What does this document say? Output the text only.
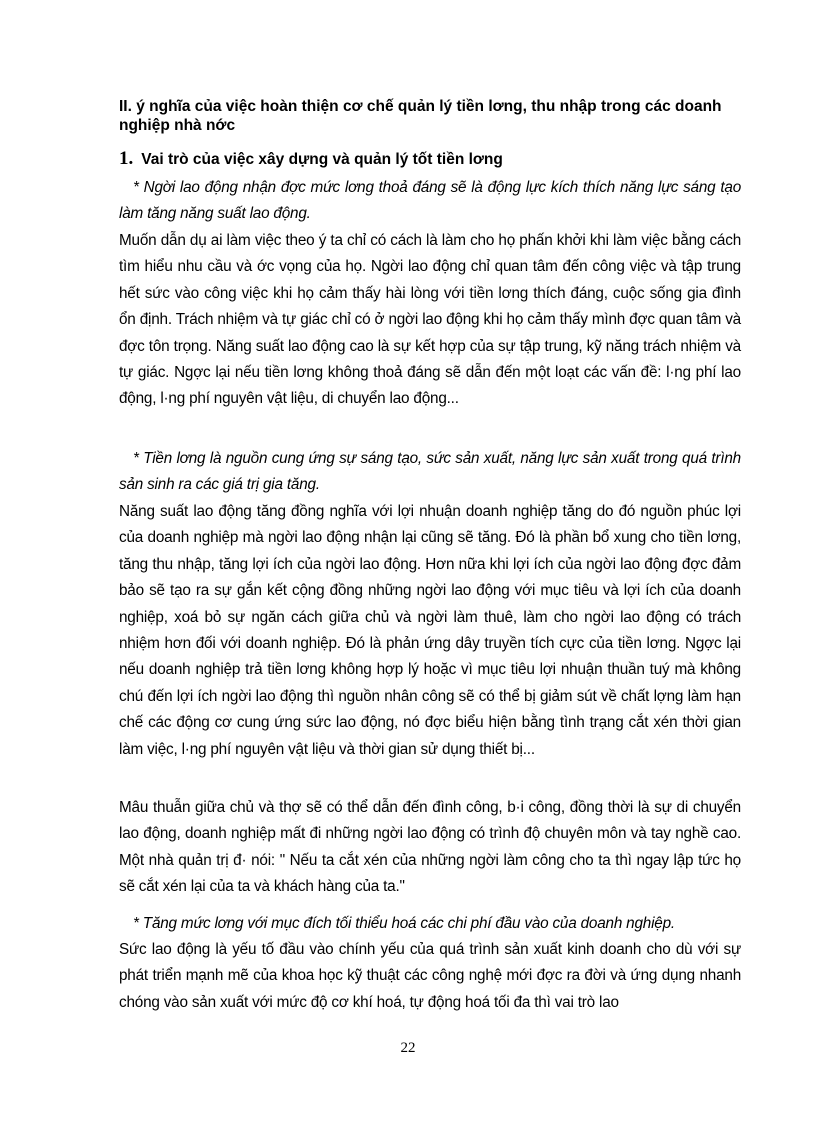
II. ý nghĩa của việc hoàn thiện cơ chế quản lý tiền lơng, thu nhập trong các doanh nghiệp nhà nớc

1. Vai trò của việc xây dựng và quản lý tốt tiền lơng

* Ngời lao động nhận đợc mức lơng thoả đáng sẽ là động lực kích thích năng lực sáng tạo làm tăng năng suất lao động.

Muốn dẫn dụ ai làm việc theo ý ta chỉ có cách là làm cho họ phấn khởi khi làm việc bằng cách tìm hiểu nhu cầu và ớc vọng của họ. Ngời lao động chỉ quan tâm đến công việc và tập trung hết sức vào công việc khi họ cảm thấy hài lòng với tiền lơng thích đáng, cuộc sống gia đình ổn định. Trách nhiệm và tự giác chỉ có ở ngời lao động khi họ cảm thấy mình đợc quan tâm và đợc tôn trọng. Năng suất lao động cao là sự kết hợp của sự tập trung, kỹ năng trách nhiệm và tự giác. Ngợc lại nếu tiền lơng không thoả đáng sẽ dẫn đến một loạt các vấn đề: l·ng phí lao động, l·ng phí nguyên vật liệu, di chuyển lao động...

* Tiền lơng là nguồn cung ứng sự sáng tạo, sức sản xuất, năng lực sản xuất trong quá trình sản sinh ra các giá trị gia tăng.

Năng suất lao động tăng đồng nghĩa với lợi nhuận doanh nghiệp tăng do đó nguồn phúc lợi của doanh nghiệp mà ngời lao động nhận lại cũng sẽ tăng. Đó là phần bổ xung cho tiền lơng, tăng thu nhập, tăng lợi ích của ngời lao động. Hơn nữa khi lợi ích của ngời lao động đợc đảm bảo sẽ tạo ra sự gắn kết cộng đồng những ngời lao động với mục tiêu và lợi ích của doanh nghiệp, xoá bỏ sự ngăn cách giữa chủ và ngời làm thuê, làm cho ngời lao động có trách nhiệm hơn đối với doanh nghiệp. Đó là phản ứng dây truyền tích cực của tiền lơng. Ngợc lại nếu doanh nghiệp trả tiền lơng không hợp lý hoặc vì mục tiêu lợi nhuận thuần tuý mà không chú đến lợi ích ngời lao động thì nguồn nhân công sẽ có thể bị giảm sút về chất lợng làm hạn chế các động cơ cung ứng sức lao động, nó đợc biểu hiện bằng tình trạng cắt xén thời gian làm việc, l·ng phí nguyên vật liệu và thời gian sử dụng thiết bị...

Mâu thuẫn giữa chủ và thợ sẽ có thể dẫn đến đình công, b·i công, đồng thời là sự di chuyển lao động, doanh nghiệp mất đi những ngời lao động có trình độ chuyên môn và tay nghề cao. Một nhà quản trị đ· nói: " Nếu ta cắt xén của những ngời làm công cho ta thì ngay lập tức họ sẽ cắt xén lại của ta và khách hàng của ta."

* Tăng mức lơng với mục đích tối thiểu hoá các chi phí đầu vào của doanh nghiệp.

Sức lao động là yếu tố đầu vào chính yếu của quá trình sản xuất kinh doanh cho dù với sự phát triển mạnh mẽ của khoa học kỹ thuật các công nghệ mới đợc ra đời và ứng dụng nhanh chóng vào sản xuất với mức độ cơ khí hoá, tự động hoá tối đa thì vai trò lao

22
